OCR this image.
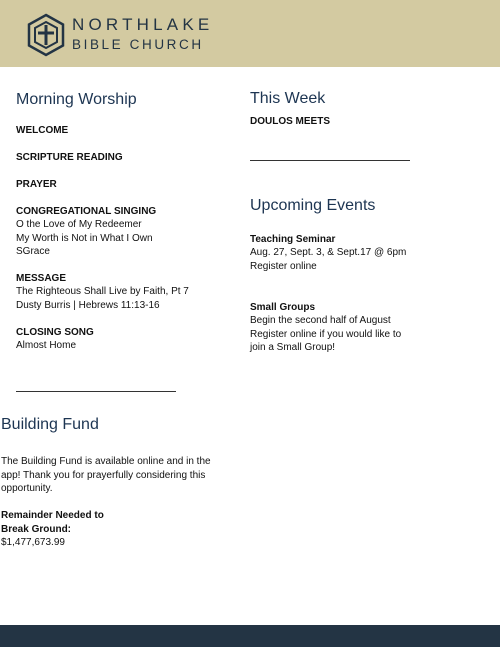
NORTHLAKE
BIBLE CHURCH
Morning Worship
WELCOME
SCRIPTURE READING
PRAYER
CONGREGATIONAL SINGING
O the Love of My Redeemer
My Worth is Not in What I Own
SGrace
MESSAGE
The Righteous Shall Live by Faith, Pt 7
Dusty Burris | Hebrews 11:13-16
CLOSING SONG
Almost Home
Building Fund
The Building Fund is available online and in the
app! Thank you for prayerfully considering this
opportunity.
Remainder Needed to
Break Ground:
$1,477,673.99
This Week
DOULOS MEETS
Upcoming Events
Teaching Seminar
Aug. 27, Sept. 3, & Sept.17 @ 6pm
Register online
Small Groups
Begin the second half of August
Register online if you would like to
join a Small Group!
